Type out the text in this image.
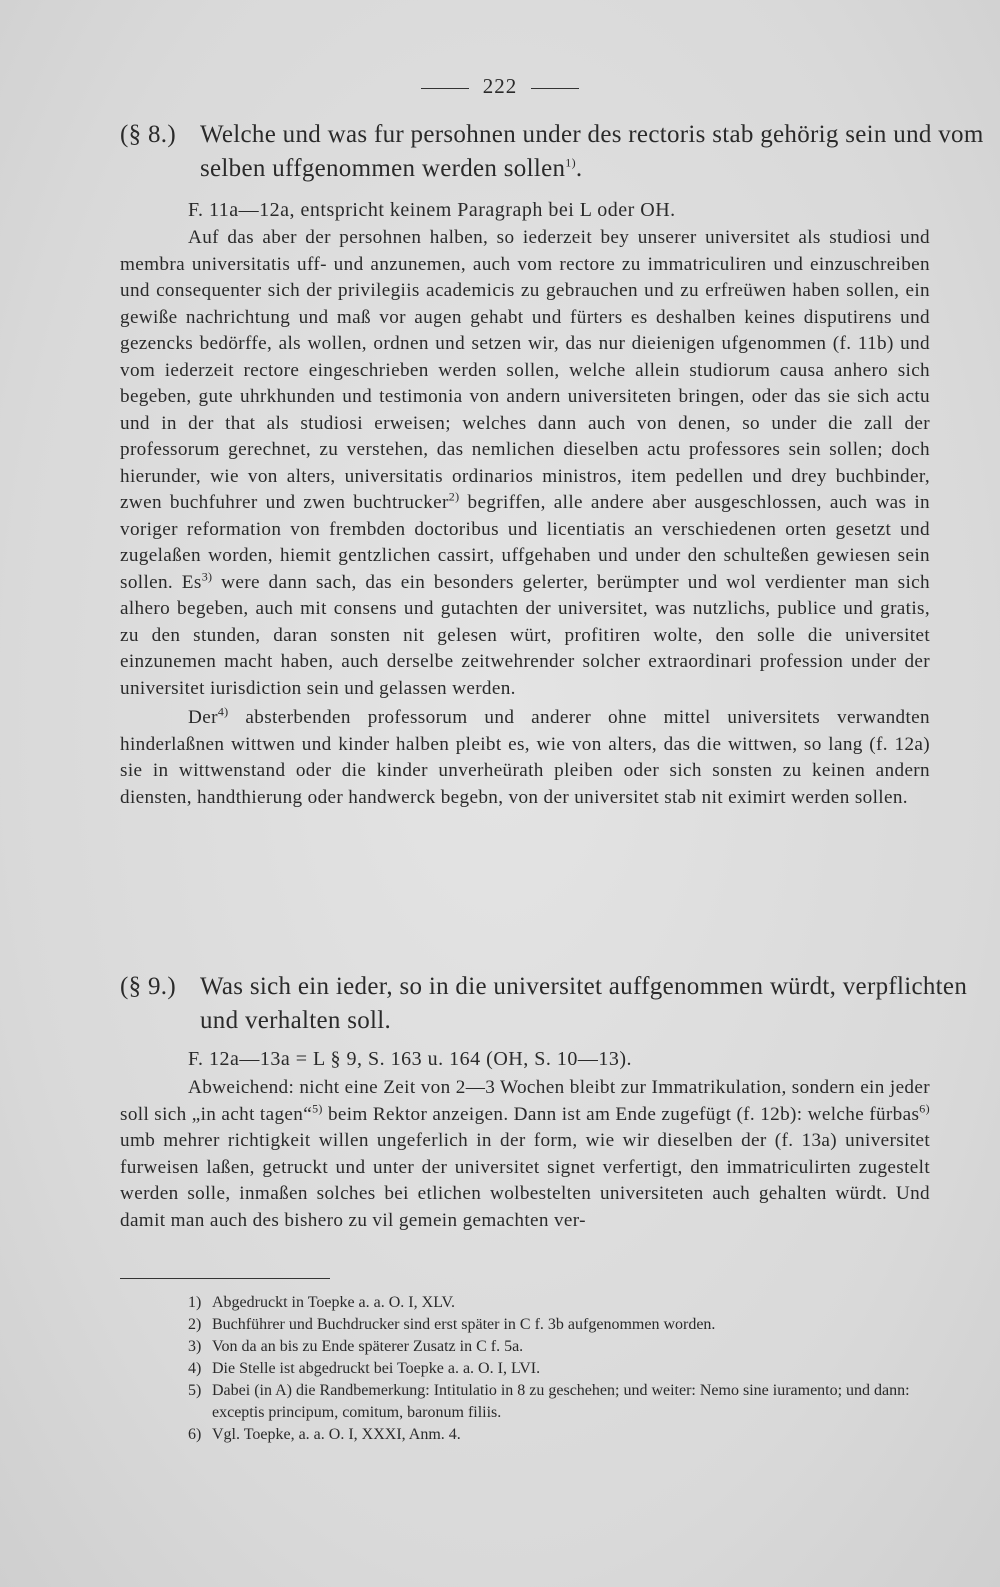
222
(§ 8.) Welche und was fur persohnen under des rectoris stab gehörig sein und vom selben uffgenommen werden sollen$^{1)}$.
F. 11a—12a, entspricht keinem Paragraph bei L oder OH.

Auf das aber der persohnen halben, so iederzeit bey unserer universitet als studiosi und membra universitatis uff- und anzunemen, auch vom rectore zu immatriculiren und einzuschreiben und consequenter sich der privilegiis academicis zu gebrauchen und zu erfreüwen haben sollen, ein gewiße nachrichtung und maß vor augen gehabt und fürters es deshalben keines disputirens und gezencks bedörffe, als wollen, ordnen und setzen wir, das nur dieienigen ufgenommen (f. 11b) und vom iederzeit rectore eingeschrieben werden sollen, welche allein studiorum causa anhero sich begeben, gute uhrkhunden und testimonia von andern universiteten bringen, oder das sie sich actu und in der that als studiosi erweisen; welches dann auch von denen, so under die zall der professorum gerechnet, zu verstehen, das nemlichen dieselben actu professores sein sollen; doch hierunder, wie von alters, universitatis ordinarios ministros, item pedellen und drey buchbinder, zwen buchfuhrer und zwen buchtrucker$^{2)}$ begriffen, alle andere aber ausgeschlossen, auch was in voriger reformation von frembden doctoribus und licentiatis an verschiedenen orten gesetzt und zugelaßen worden, hiemit gentzlichen cassirt, uffgehaben und under den schulteßen gewiesen sein sollen. Es$^{3)}$ were dann sach, das ein besonders gelerter, berümpter und wol verdienter man sich alhero begeben, auch mit consens und gutachten der universitet, was nutzlichs, publice und gratis, zu den stunden, daran sonsten nit gelesen würt, profitiren wolte, den solle die universitet einzunemen macht haben, auch derselbe zeitwehrender solcher extraordinari profession under der universitet iurisdiction sein und gelassen werden.

Der$^{4)}$ absterbenden professorum und anderer ohne mittel universitets verwandten hinderlaßnen wittwen und kinder halben pleibt es, wie von alters, das die wittwen, so lang (f. 12a) sie in wittwenstand oder die kinder unverheürath pleiben oder sich sonsten zu keinen andern diensten, handthierung oder handwerck begebn, von der universitet stab nit eximirt werden sollen.

(§ 9.) Was sich ein ieder, so in die universitet auffgenommen würdt, verpflichten und verhalten soll.
F. 12a—13a = L § 9, S. 163 u. 164 (OH, S. 10—13).

Abweichend: nicht eine Zeit von 2—3 Wochen bleibt zur Immatrikulation, sondern ein jeder soll sich „in acht tagen“$^{5)}$ beim Rektor anzeigen. Dann ist am Ende zugefügt (f. 12b): welche fürbas$^{6)}$ umb mehrer richtigkeit willen ungeferlich in der form, wie wir dieselben der (f. 13a) universitet furweisen laßen, getruckt und unter der universitet signet verfertigt, den immatriculirten zugestelt werden solle, inmaßen solches bei etlichen wolbestelten universiteten auch gehalten würdt. Und damit man auch des bishero zu vil gemein gemachten ver-

1) Abgedruckt in Toepke a. a. O. I, XLV.
2) Buchführer und Buchdrucker sind erst später in C f. 3b aufgenommen worden.
3) Von da an bis zu Ende späterer Zusatz in C f. 5a.
4) Die Stelle ist abgedruckt bei Toepke a. a. O. I, LVI.
5) Dabei (in A) die Randbemerkung: Intitulatio in 8 zu geschehen; und weiter: Nemo sine iuramento; und dann: exceptis principum, comitum, baronum filiis.
6) Vgl. Toepke, a. a. O. I, XXXI, Anm. 4.
